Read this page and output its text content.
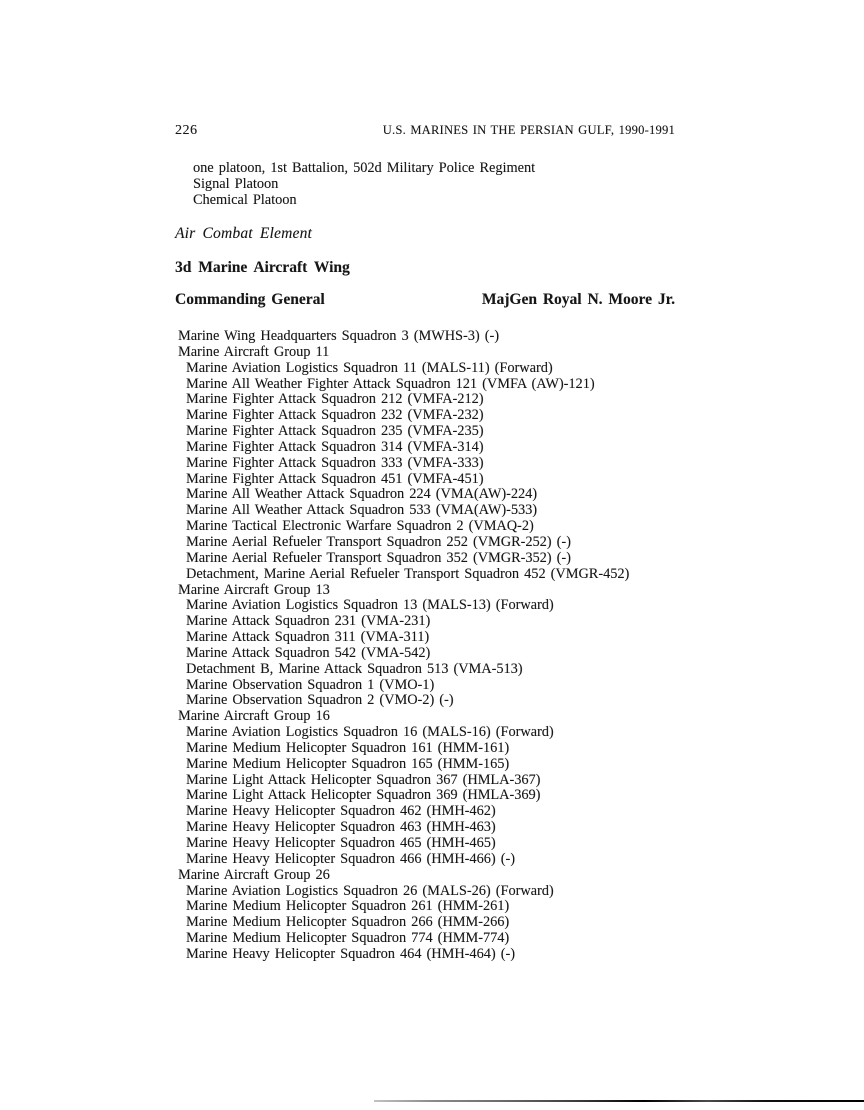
226	U.S. MARINES IN THE PERSIAN GULF, 1990-1991
one platoon, 1st Battalion, 502d Military Police Regiment
Signal Platoon
Chemical Platoon
Air Combat Element
3d Marine Aircraft Wing
Commanding General	MajGen Royal N. Moore Jr.
Marine Wing Headquarters Squadron 3 (MWHS-3) (-)
Marine Aircraft Group 11
Marine Aviation Logistics Squadron 11 (MALS-11) (Forward)
Marine All Weather Fighter Attack Squadron 121 (VMFA (AW)-121)
Marine Fighter Attack Squadron 212 (VMFA-212)
Marine Fighter Attack Squadron 232 (VMFA-232)
Marine Fighter Attack Squadron 235 (VMFA-235)
Marine Fighter Attack Squadron 314 (VMFA-314)
Marine Fighter Attack Squadron 333 (VMFA-333)
Marine Fighter Attack Squadron 451 (VMFA-451)
Marine All Weather Attack Squadron 224 (VMA(AW)-224)
Marine All Weather Attack Squadron 533 (VMA(AW)-533)
Marine Tactical Electronic Warfare Squadron 2 (VMAQ-2)
Marine Aerial Refueler Transport Squadron 252 (VMGR-252) (-)
Marine Aerial Refueler Transport Squadron 352 (VMGR-352) (-)
Detachment, Marine Aerial Refueler Transport Squadron 452 (VMGR-452)
Marine Aircraft Group 13
Marine Aviation Logistics Squadron 13 (MALS-13) (Forward)
Marine Attack Squadron 231 (VMA-231)
Marine Attack Squadron 311 (VMA-311)
Marine Attack Squadron 542 (VMA-542)
Detachment B, Marine Attack Squadron 513 (VMA-513)
Marine Observation Squadron 1 (VMO-1)
Marine Observation Squadron 2 (VMO-2) (-)
Marine Aircraft Group 16
Marine Aviation Logistics Squadron 16 (MALS-16) (Forward)
Marine Medium Helicopter Squadron 161 (HMM-161)
Marine Medium Helicopter Squadron 165 (HMM-165)
Marine Light Attack Helicopter Squadron 367 (HMLA-367)
Marine Light Attack Helicopter Squadron 369 (HMLA-369)
Marine Heavy Helicopter Squadron 462 (HMH-462)
Marine Heavy Helicopter Squadron 463 (HMH-463)
Marine Heavy Helicopter Squadron 465 (HMH-465)
Marine Heavy Helicopter Squadron 466 (HMH-466) (-)
Marine Aircraft Group 26
Marine Aviation Logistics Squadron 26 (MALS-26) (Forward)
Marine Medium Helicopter Squadron 261 (HMM-261)
Marine Medium Helicopter Squadron 266 (HMM-266)
Marine Medium Helicopter Squadron 774 (HMM-774)
Marine Heavy Helicopter Squadron 464 (HMH-464) (-)
